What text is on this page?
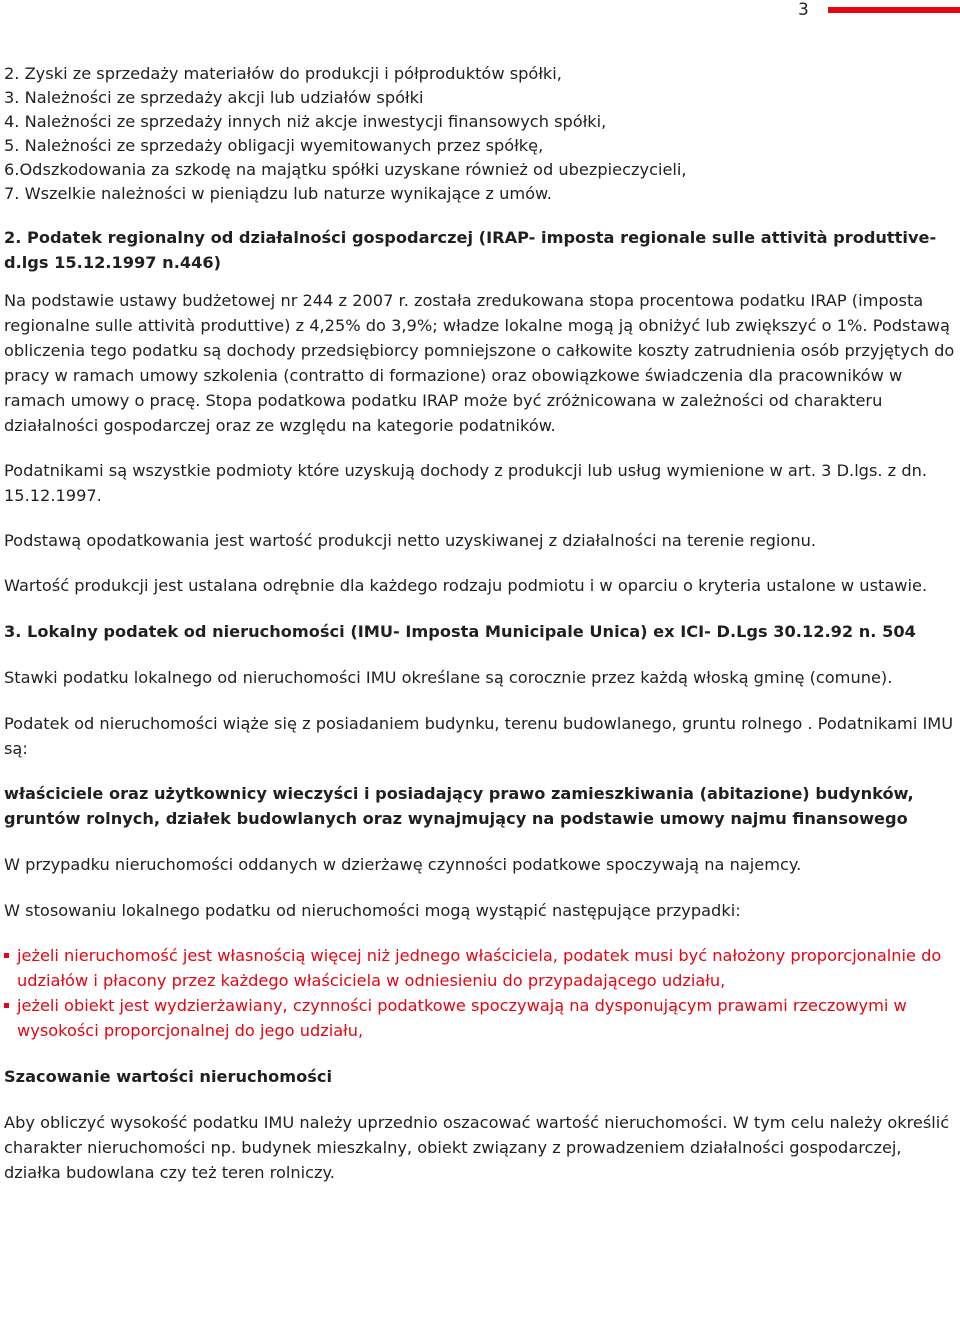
3

2. Zyski ze sprzedaży materiałów do produkcji i półproduktów spółki,

3. Należności ze sprzedaży akcji lub udziałów spółki

4. Należności ze sprzedaży innych niż akcje inwestycji finansowych spółki,

5. Należności ze sprzedaży obligacji wyemitowanych przez spółkę,

6.Odszkodowania za szkodę na majątku spółki uzyskane również od ubezpieczycieli,

7. Wszelkie należności w pieniądzu lub naturze wynikające z umów.

2. Podatek regionalny od działalności gospodarczej (IRAP- imposta regionale sulle attività produttive- d.lgs 15.12.1997 n.446)

Na podstawie ustawy budżetowej nr 244 z 2007 r. została zredukowana stopa procentowa podatku IRAP (imposta regionalne sulle attività produttive) z 4,25% do 3,9%; władze lokalne mogą ją obniżyć lub zwiększyć o 1%. Podstawą obliczenia tego podatku są dochody przedsiębiorcy pomniejszone o całkowite koszty zatrudnienia osób przyjętych do pracy w ramach umowy szkolenia (contratto di formazione) oraz obowiązkowe świadczenia dla pracowników w ramach umowy o pracę. Stopa podatkowa podatku IRAP może być zróżnicowana w zależności od charakteru działalności gospodarczej oraz ze względu na kategorie podatników.

Podatnikami są wszystkie podmioty które uzyskują dochody z produkcji lub usług wymienione w art. 3 D.lgs. z dn. 15.12.1997.

Podstawą opodatkowania jest wartość produkcji netto uzyskiwanej z działalności na terenie regionu.

Wartość produkcji jest ustalana odrębnie dla każdego rodzaju podmiotu i w oparciu o kryteria ustalone w ustawie.

3. Lokalny podatek od nieruchomości (IMU- Imposta Municipale Unica) ex ICI- D.Lgs 30.12.92 n. 504

Stawki podatku lokalnego od nieruchomości IMU określane są corocznie przez każdą włoską gminę (comune).

Podatek od nieruchomości wiąże się z posiadaniem budynku, terenu budowlanego, gruntu rolnego . Podatnikami IMU są:

właściciele oraz użytkownicy wieczyści i posiadający prawo zamieszkiwania (abitazione) budynków, gruntów rolnych, działek budowlanych oraz wynajmujący na podstawie umowy najmu finansowego

W przypadku nieruchomości oddanych w dzierżawę czynności podatkowe spoczywają na najemcy.

W stosowaniu lokalnego podatku od nieruchomości mogą wystąpić następujące przypadki:

jeżeli nieruchomość jest własnością więcej niż jednego właściciela, podatek musi być nałożony proporcjonalnie do udziałów i płacony przez każdego właściciela w odniesieniu do przypadającego udziału,
jeżeli obiekt jest wydzierżawiany, czynności podatkowe spoczywają na dysponującym prawami rzeczowymi w wysokości proporcjonalnej do jego udziału,

Szacowanie wartości nieruchomości

Aby obliczyć wysokość podatku IMU należy uprzednio oszacować wartość nieruchomości. W tym celu należy określić charakter nieruchomości np. budynek mieszkalny, obiekt związany z prowadzeniem działalności gospodarczej, działka budowlana czy też teren rolniczy.
